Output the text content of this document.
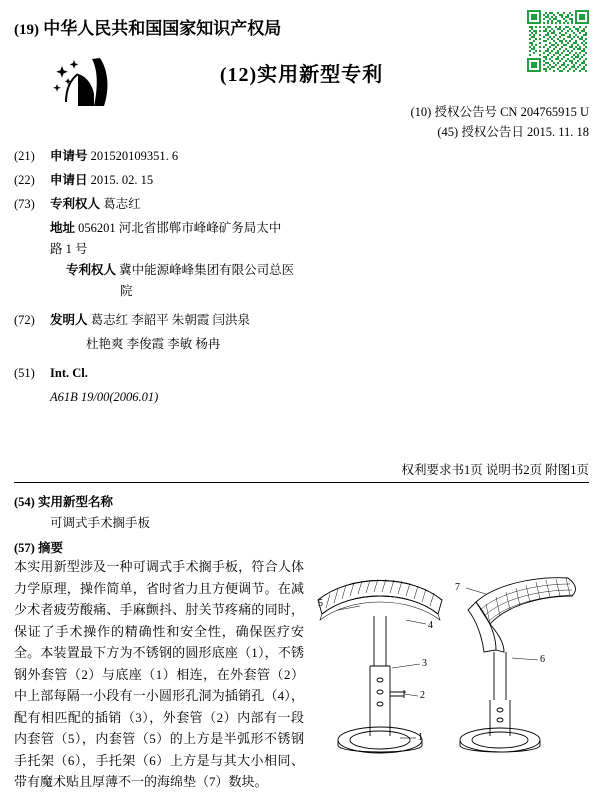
(19) 中华人民共和国国家知识产权局
(12)实用新型专利
(10) 授权公告号 CN 204765915 U
(45) 授权公告日 2015. 11. 18
(21)	申请号 201520109351. 6
(22)	申请日 2015. 02. 15
(73)	专利权人 葛志红
地址 056201 河北省邯郸市峰峰矿务局太中
路 1 号
专利权人 冀中能源峰峰集团有限公司总医
院
(72)	发明人 葛志红 李韶平 朱朝霞 闫洪泉
杜艳爽 李俊霞 李敏 杨冉
(51)	Int. Cl.
A61B 19/00(2006.01)
权利要求书1页 说明书2页 附图1页
(54) 实用新型名称
可调式手术搁手板
(57) 摘要
本实用新型涉及一种可调式手术搁手板，符合人体力学原理，操作简单，省时省力且方便调节。在减少术者疲劳酸痛、手麻颤抖、肘关节疼痛的同时，保证了手术操作的精确性和安全性，确保医疗安全。本装置最下方为不锈钢的圆形底座（1），不锈钢外套管（2）与底座（1）相连，在外套管（2）中上部每隔一小段有一小圆形孔洞为插销孔（4），配有相匹配的插销（3），外套管（2）内部有一段内套管（5），内套管（5）的上方是半弧形不锈钢手托架（6），手托架（6）上方是与其大小相同、带有魔术贴且厚薄不一的海绵垫（7）数块。
5
4
3
2
1
7
6
